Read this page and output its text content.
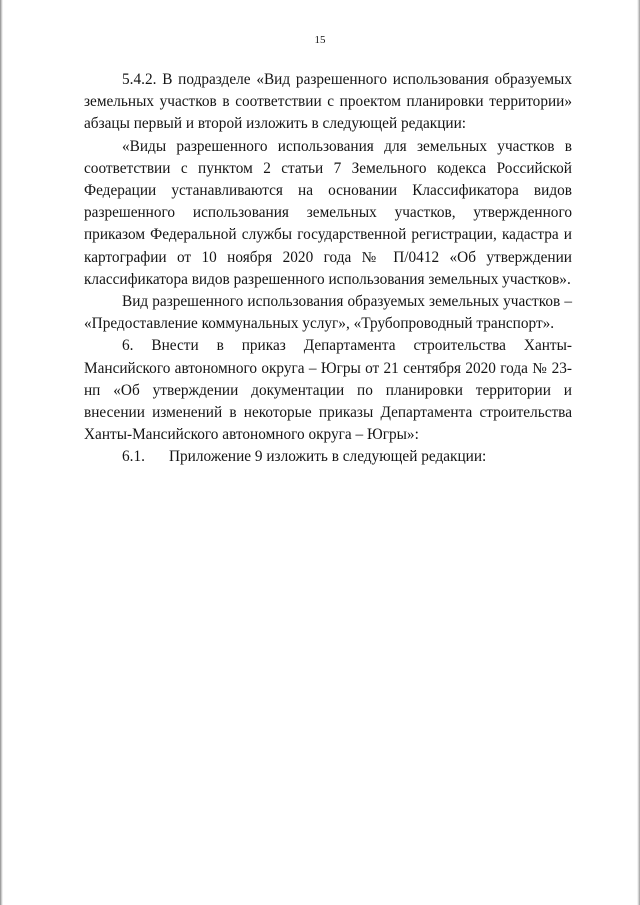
15

5.4.2. В подразделе «Вид разрешенного использования образуемых земельных участков в соответствии с проектом планировки территории» абзацы первый и второй изложить в следующей редакции:

«Виды разрешенного использования для земельных участков в соответствии с пунктом 2 статьи 7 Земельного кодекса Российской Федерации устанавливаются на основании Классификатора видов разрешенного использования земельных участков, утвержденного приказом Федеральной службы государственной регистрации, кадастра и картографии от 10 ноября 2020 года № П/0412 «Об утверждении классификатора видов разрешенного использования земельных участков».

Вид разрешенного использования образуемых земельных участков – «Предоставление коммунальных услуг», «Трубопроводный транспорт».

6. Внести в приказ Департамента строительства Ханты-Мансийского автономного округа – Югры от 21 сентября 2020 года № 23-нп «Об утверждении документации по планировки территории и внесении изменений в некоторые приказы Департамента строительства Ханты-Мансийского автономного округа – Югры»:

6.1. Приложение 9 изложить в следующей редакции:
